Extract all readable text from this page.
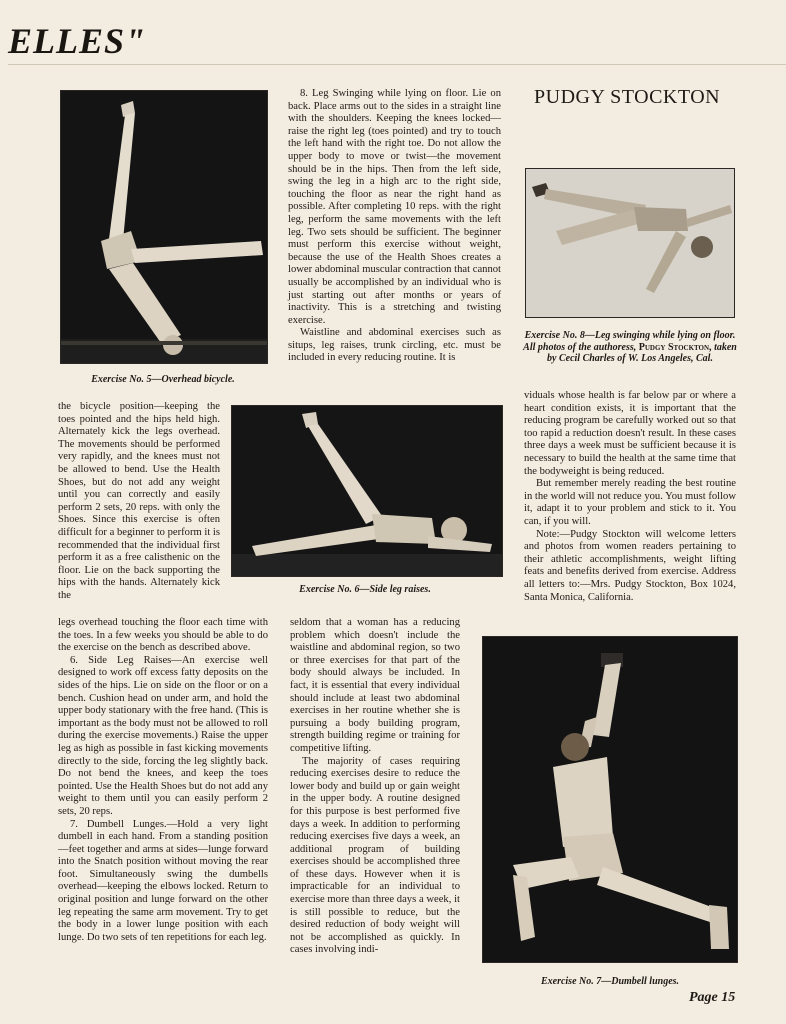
ELLES"
PUDGY STOCKTON
Exercise No. 5—Overhead bicycle.

the bicycle position—keeping the toes pointed and the hips held high. Alternately kick the legs overhead. The movements should be performed very rapidly, and the knees must not be allowed to bend. Use the Health Shoes, but do not add any weight until you can correctly and easily perform 2 sets, 20 reps. with only the Shoes. Since this exercise is often difficult for a beginner to perform it is recommended that the individual first perform it as a free calisthenic on the floor. Lie on the back supporting the hips with the hands. Alternately kick the

legs overhead touching the floor each time with the toes. In a few weeks you should be able to do the exercise on the bench as described above.

6. Side Leg Raises—An exercise well designed to work off excess fatty deposits on the sides of the hips. Lie on side on the floor or on a bench. Cushion head on under arm, and hold the upper body stationary with the free hand. (This is important as the body must not be allowed to roll during the exercise movements.) Raise the upper leg as high as possible in fast kicking movements directly to the side, forcing the leg slightly back. Do not bend the knees, and keep the toes pointed. Use the Health Shoes but do not add any weight to them until you can easily perform 2 sets, 20 reps.

7. Dumbell Lunges.—Hold a very light dumbell in each hand. From a standing position—feet together and arms at sides—lunge forward into the Snatch position without moving the rear foot. Simultaneously swing the dumbells overhead—keeping the elbows locked. Return to original position and lunge forward on the other leg repeating the same arm movement. Try to get the body in a lower lunge position with each lunge. Do two sets of ten repetitions for each leg.

8. Leg Swinging while lying on floor. Lie on back. Place arms out to the sides in a straight line with the shoulders. Keeping the knees locked—raise the right leg (toes pointed) and try to touch the left hand with the right toe. Do not allow the upper body to move or twist—the movement should be in the hips. Then from the left side, swing the leg in a high arc to the right side, touching the floor as near the right hand as possible. After completing 10 reps. with the right leg, perform the same movements with the left leg. Two sets should be sufficient. The beginner must perform this exercise without weight, because the use of the Health Shoes creates a lower abdominal muscular contraction that cannot usually be accomplished by an individual who is just starting out after months or years of inactivity. This is a stretching and twisting exercise.

Waistline and abdominal exercises such as situps, leg raises, trunk circling, etc. must be included in every reducing routine. It is

Exercise No. 6—Side leg raises.

seldom that a woman has a reducing problem which doesn't include the waistline and abdominal region, so two or three exercises for that part of the body should always be included. In fact, it is essential that every individual should include at least two abdominal exercises in her routine whether she is pursuing a body building program, strength building regime or training for competitive lifting.

The majority of cases requiring reducing exercises desire to reduce the lower body and build up or gain weight in the upper body. A routine designed for this purpose is best performed five days a week. In addition to performing reducing exercises five days a week, an additional program of building exercises should be accomplished three of these days. However when it is impracticable for an individual to exercise more than three days a week, it is still possible to reduce, but the desired reduction of body weight will not be accomplished as quickly. In cases involving indi-

Exercise No. 8—Leg swinging while lying on floor. All photos of the authoress, Pudgy Stockton, taken by Cecil Charles of W. Los Angeles, Cal.

viduals whose health is far below par or where a heart condition exists, it is important that the reducing program be carefully worked out so that too rapid a reduction doesn't result. In these cases three days a week must be sufficient because it is necessary to build the health at the same time that the bodyweight is being reduced.

But remember merely reading the best routine in the world will not reduce you. You must follow it, adapt it to your problem and stick to it. You can, if you will.

Note:—Pudgy Stockton will welcome letters and photos from women readers pertaining to their athletic accomplishments, weight lifting feats and benefits derived from exercise. Address all letters to:—Mrs. Pudgy Stockton, Box 1024, Santa Monica, California.

Exercise No. 7—Dumbell lunges.
Page 15
